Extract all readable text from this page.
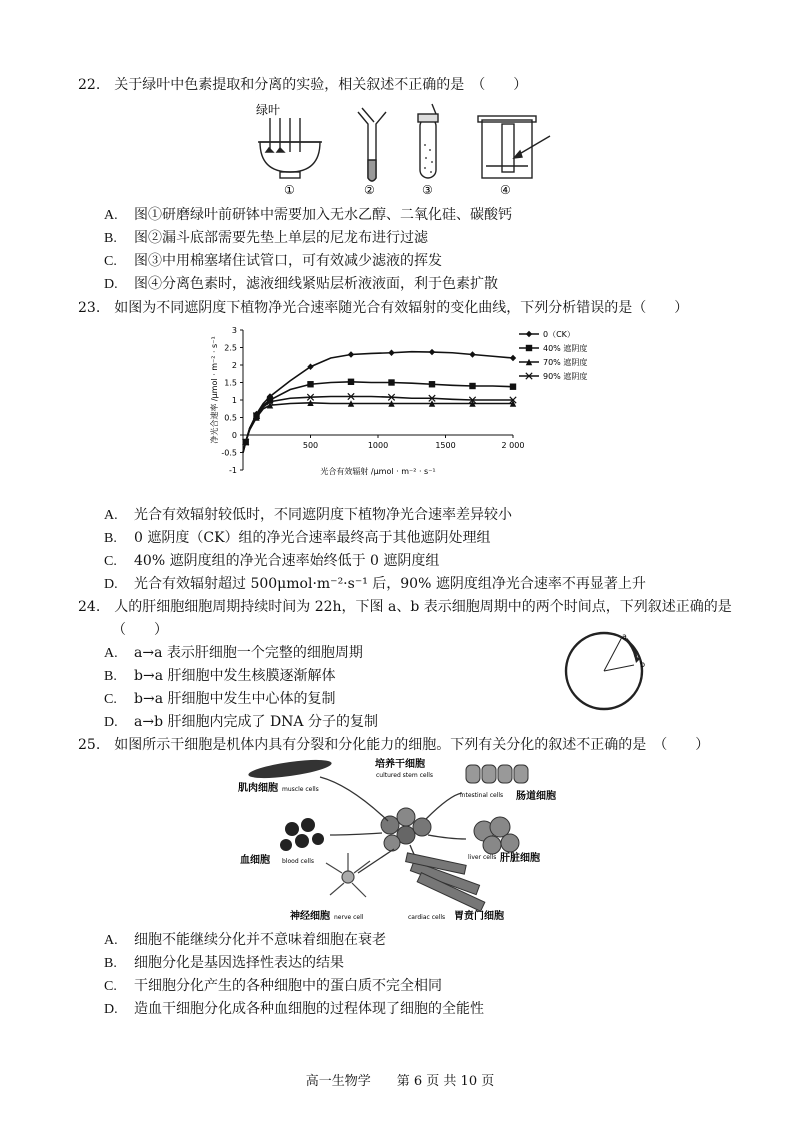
22.　关于绿叶中色素提取和分离的实验，相关叙述不正确的是　（　　）
绿叶
①	②	③	④
A. 图①研磨绿叶前研钵中需要加入无水乙醇、二氧化硅、碳酸钙
B. 图②漏斗底部需要先垫上单层的尼龙布进行过滤
C. 图③中用棉塞堵住试管口，可有效减少滤液的挥发
D. 图④分离色素时，滤液细线紧贴层析液液面，利于色素扩散
23.　如图为不同遮阴度下植物净光合速率随光合有效辐射的变化曲线，下列分析错误的是（　　）
-1
-0.5
0
0.5
1
1.5
2
2.5
3
500	1000	1500	2 000
光合有效辐射 /μmol · m⁻² · s⁻¹
净光合速率 /μmol · m⁻² · s⁻¹
0（CK）
40% 遮阴度
70% 遮阴度
90% 遮阴度
A. 光合有效辐射较低时，不同遮阴度下植物净光合速率差异较小
B. 0 遮阴度（CK）组的净光合速率最终高于其他遮阴处理组
C. 40% 遮阴度组的净光合速率始终低于 0 遮阴度组
D. 光合有效辐射超过 500μmol·m⁻²·s⁻¹ 后，90% 遮阴度组净光合速率不再显著上升
24.　人的肝细胞细胞周期持续时间为 22h，下图 a、b 表示细胞周期中的两个时间点，下列叙述正确的是
（　　）	a
b
A. a→a 表示肝细胞一个完整的细胞周期
B. b→a 肝细胞中发生核膜逐渐解体
C. b→a 肝细胞中发生中心体的复制
D. a→b 肝细胞内完成了 DNA 分子的复制
25.　如图所示干细胞是机体内具有分裂和分化能力的细胞。下列有关分化的叙述不正确的是　（　　）
培养干细胞
cultured stem cells
肌肉细胞 muscle cells
intestinal cells 肠道细胞
血细胞 blood cells
liver cells 肝脏细胞
神经细胞 nerve cell	cardiac cells 胃贲门细胞
A. 细胞不能继续分化并不意味着细胞在衰老
B. 细胞分化是基因选择性表达的结果
C. 干细胞分化产生的各种细胞中的蛋白质不完全相同
D. 造血干细胞分化成各种血细胞的过程体现了细胞的全能性
高一生物学　　第 6 页 共 10 页
